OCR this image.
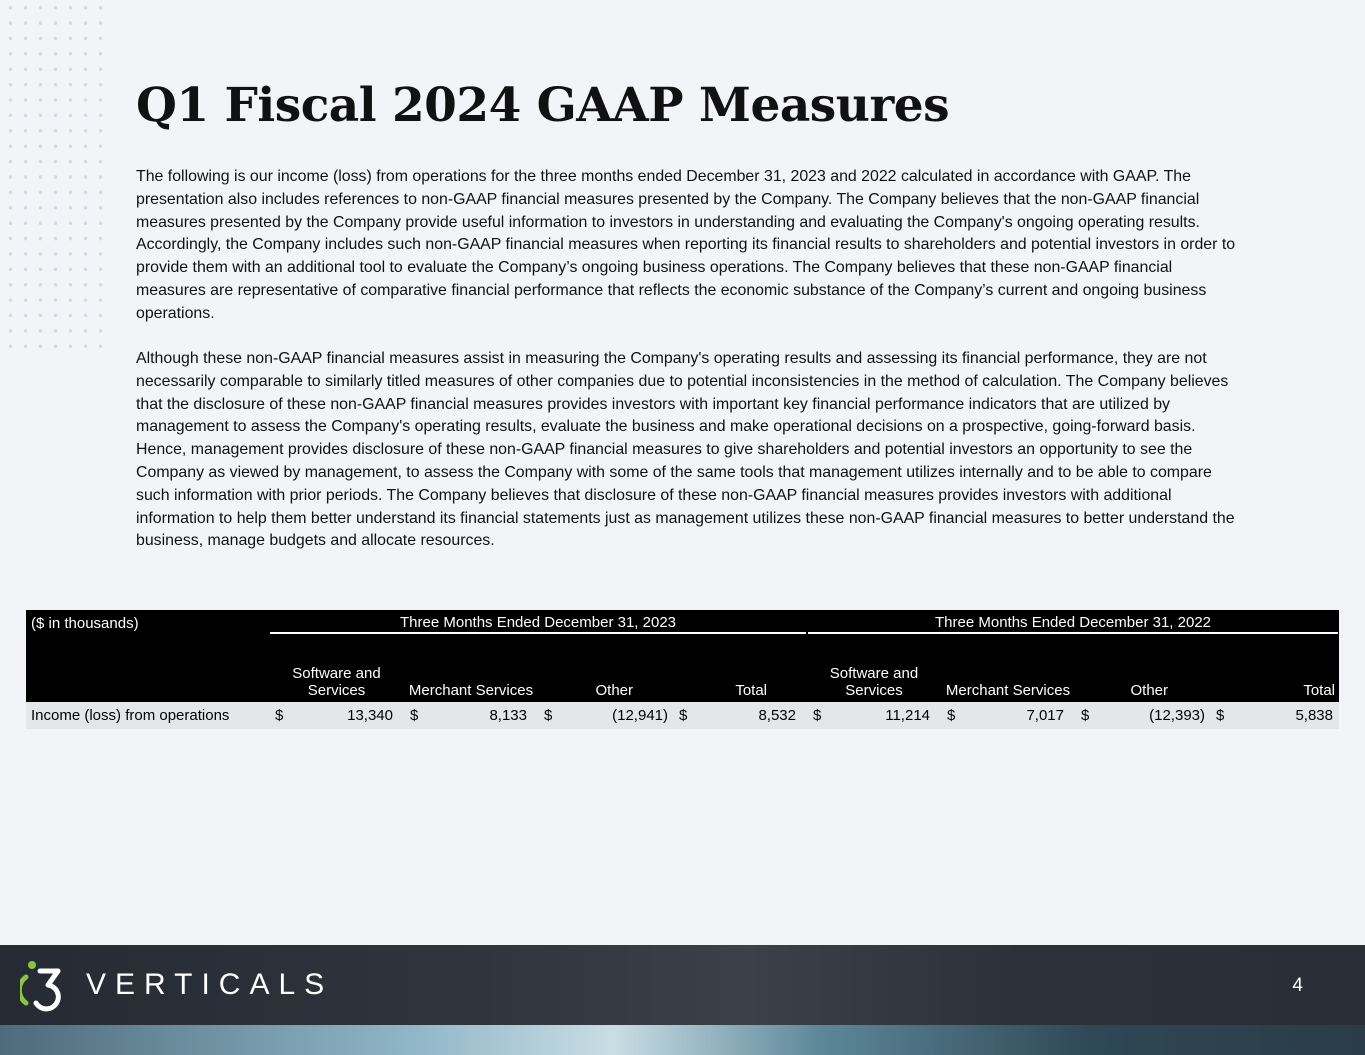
Q1 Fiscal 2024 GAAP Measures

The following is our income (loss) from operations for the three months ended December 31, 2023 and 2022 calculated in accordance with GAAP. The presentation also includes references to non-GAAP financial measures presented by the Company. The Company believes that the non-GAAP financial measures presented by the Company provide useful information to investors in understanding and evaluating the Company's ongoing operating results. Accordingly, the Company includes such non-GAAP financial measures when reporting its financial results to shareholders and potential investors in order to provide them with an additional tool to evaluate the Company’s ongoing business operations. The Company believes that these non-GAAP financial measures are representative of comparative financial performance that reflects the economic substance of the Company’s current and ongoing business operations.

Although these non-GAAP financial measures assist in measuring the Company's operating results and assessing its financial performance, they are not necessarily comparable to similarly titled measures of other companies due to potential inconsistencies in the method of calculation. The Company believes that the disclosure of these non-GAAP financial measures provides investors with important key financial performance indicators that are utilized by management to assess the Company's operating results, evaluate the business and make operational decisions on a prospective, going-forward basis. Hence, management provides disclosure of these non-GAAP financial measures to give shareholders and potential investors an opportunity to see the Company as viewed by management, to assess the Company with some of the same tools that management utilizes internally and to be able to compare such information with prior periods. The Company believes that disclosure of these non-GAAP financial measures provides investors with additional information to help them better understand its financial statements just as management utilizes these non-GAAP financial measures to better understand the business, manage budgets and allocate resources.

($ in thousands)	Three Months Ended December 31, 2023				Three Months Ended December 31, 2022			

	Software and Services	Merchant Services	Other	Total	Software and Services	Merchant Services	Other	Total
Income (loss) from operations	$ 13,340	$ 8,133	$ (12,941)	$ 8,532	$ 11,214	$ 7,017	$ (12,393)	$ 5,838
VERTICALS	4
